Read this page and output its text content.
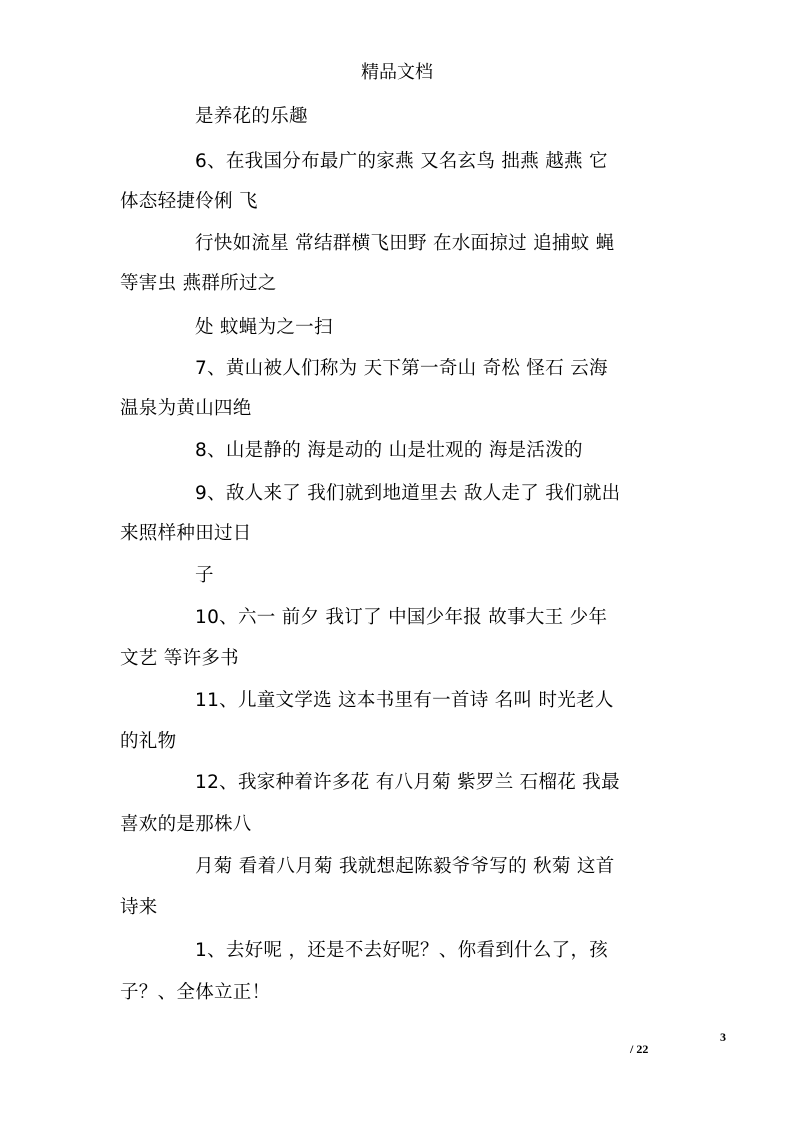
精品文档
是养花的乐趣
6、在我国分布最广的家燕 又名玄鸟 拙燕 越燕 它
体态轻捷伶俐 飞
行快如流星 常结群横飞田野 在水面掠过 追捕蚊 蝇
等害虫 燕群所过之
处 蚊蝇为之一扫
7、黄山被人们称为 天下第一奇山 奇松 怪石 云海
温泉为黄山四绝
8、山是静的 海是动的 山是壮观的 海是活泼的
9、敌人来了 我们就到地道里去 敌人走了 我们就出
来照样种田过日
子
10、六一 前夕 我订了 中国少年报 故事大王 少年
文艺 等许多书
11、儿童文学选 这本书里有一首诗 名叫 时光老人
的礼物
12、我家种着许多花 有八月菊 紫罗兰 石榴花 我最
喜欢的是那株八
月菊 看着八月菊 我就想起陈毅爷爷写的 秋菊 这首
诗来
1、去好呢 ，还是不去好呢？、你看到什么了，孩
子？、全体立正！
3
/ 22
